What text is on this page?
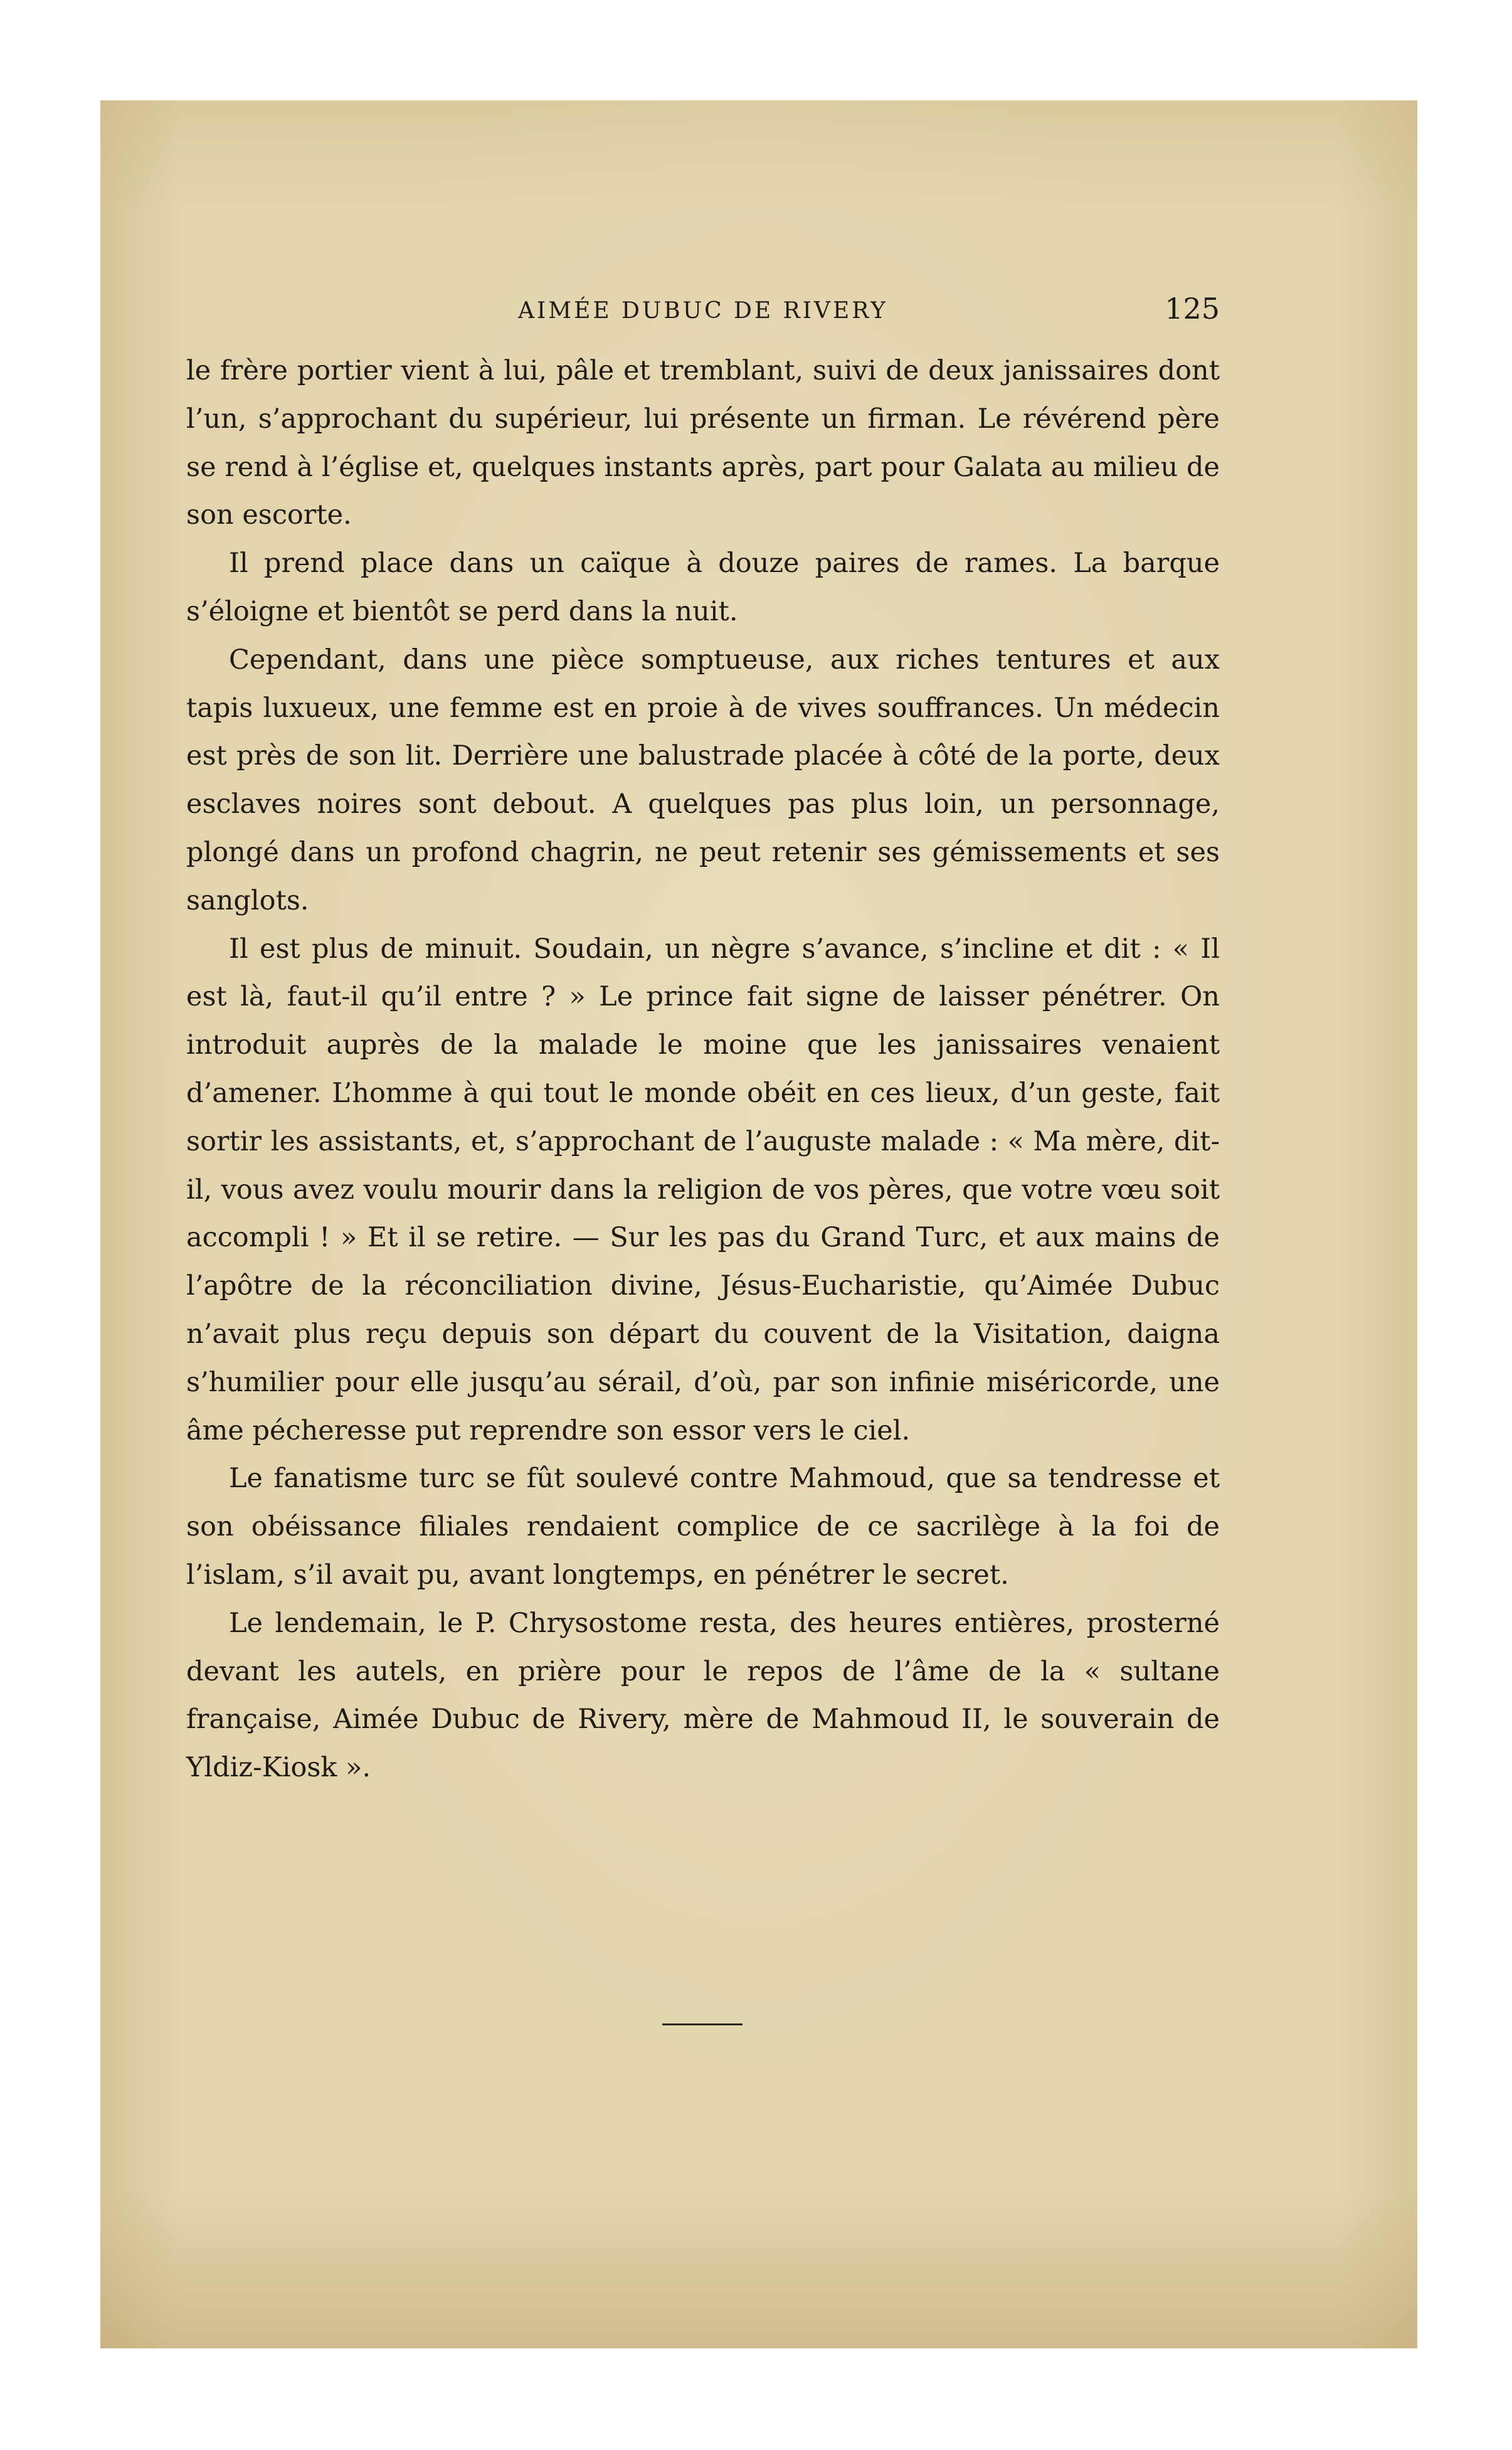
AIMÉE DUBUC DE RIVERY	125

le frère portier vient à lui, pâle et tremblant, suivi de deux janissaires dont l’un, s’approchant du supérieur, lui présente un firman. Le révérend père se rend à l’église et, quelques instants après, part pour Galata au milieu de son escorte.

Il prend place dans un caïque à douze paires de rames. La barque s’éloigne et bientôt se perd dans la nuit.

Cependant, dans une pièce somptueuse, aux riches tentures et aux tapis luxueux, une femme est en proie à de vives souffrances. Un médecin est près de son lit. Derrière une balustrade placée à côté de la porte, deux esclaves noires sont debout. A quelques pas plus loin, un personnage, plongé dans un profond chagrin, ne peut retenir ses gémissements et ses sanglots.

Il est plus de minuit. Soudain, un nègre s’avance, s’incline et dit : « Il est là, faut-il qu’il entre ? » Le prince fait signe de laisser pénétrer. On introduit auprès de la malade le moine que les janissaires venaient d’amener. L’homme à qui tout le monde obéit en ces lieux, d’un geste, fait sortir les assistants, et, s’approchant de l’auguste malade : « Ma mère, dit-il, vous avez voulu mourir dans la religion de vos pères, que votre vœu soit accompli ! » Et il se retire. — Sur les pas du Grand Turc, et aux mains de l’apôtre de la réconciliation divine, Jésus-Eucharistie, qu’Aimée Dubuc n’avait plus reçu depuis son départ du couvent de la Visitation, daigna s’humilier pour elle jusqu’au sérail, d’où, par son infinie miséricorde, une âme pécheresse put reprendre son essor vers le ciel.

Le fanatisme turc se fût soulevé contre Mahmoud, que sa tendresse et son obéissance filiales rendaient complice de ce sacrilège à la foi de l’islam, s’il avait pu, avant longtemps, en pénétrer le secret.

Le lendemain, le P. Chrysostome resta, des heures entières, prosterné devant les autels, en prière pour le repos de l’âme de la « sultane française, Aimée Dubuc de Rivery, mère de Mahmoud II, le souverain de Yldiz-Kiosk ».
